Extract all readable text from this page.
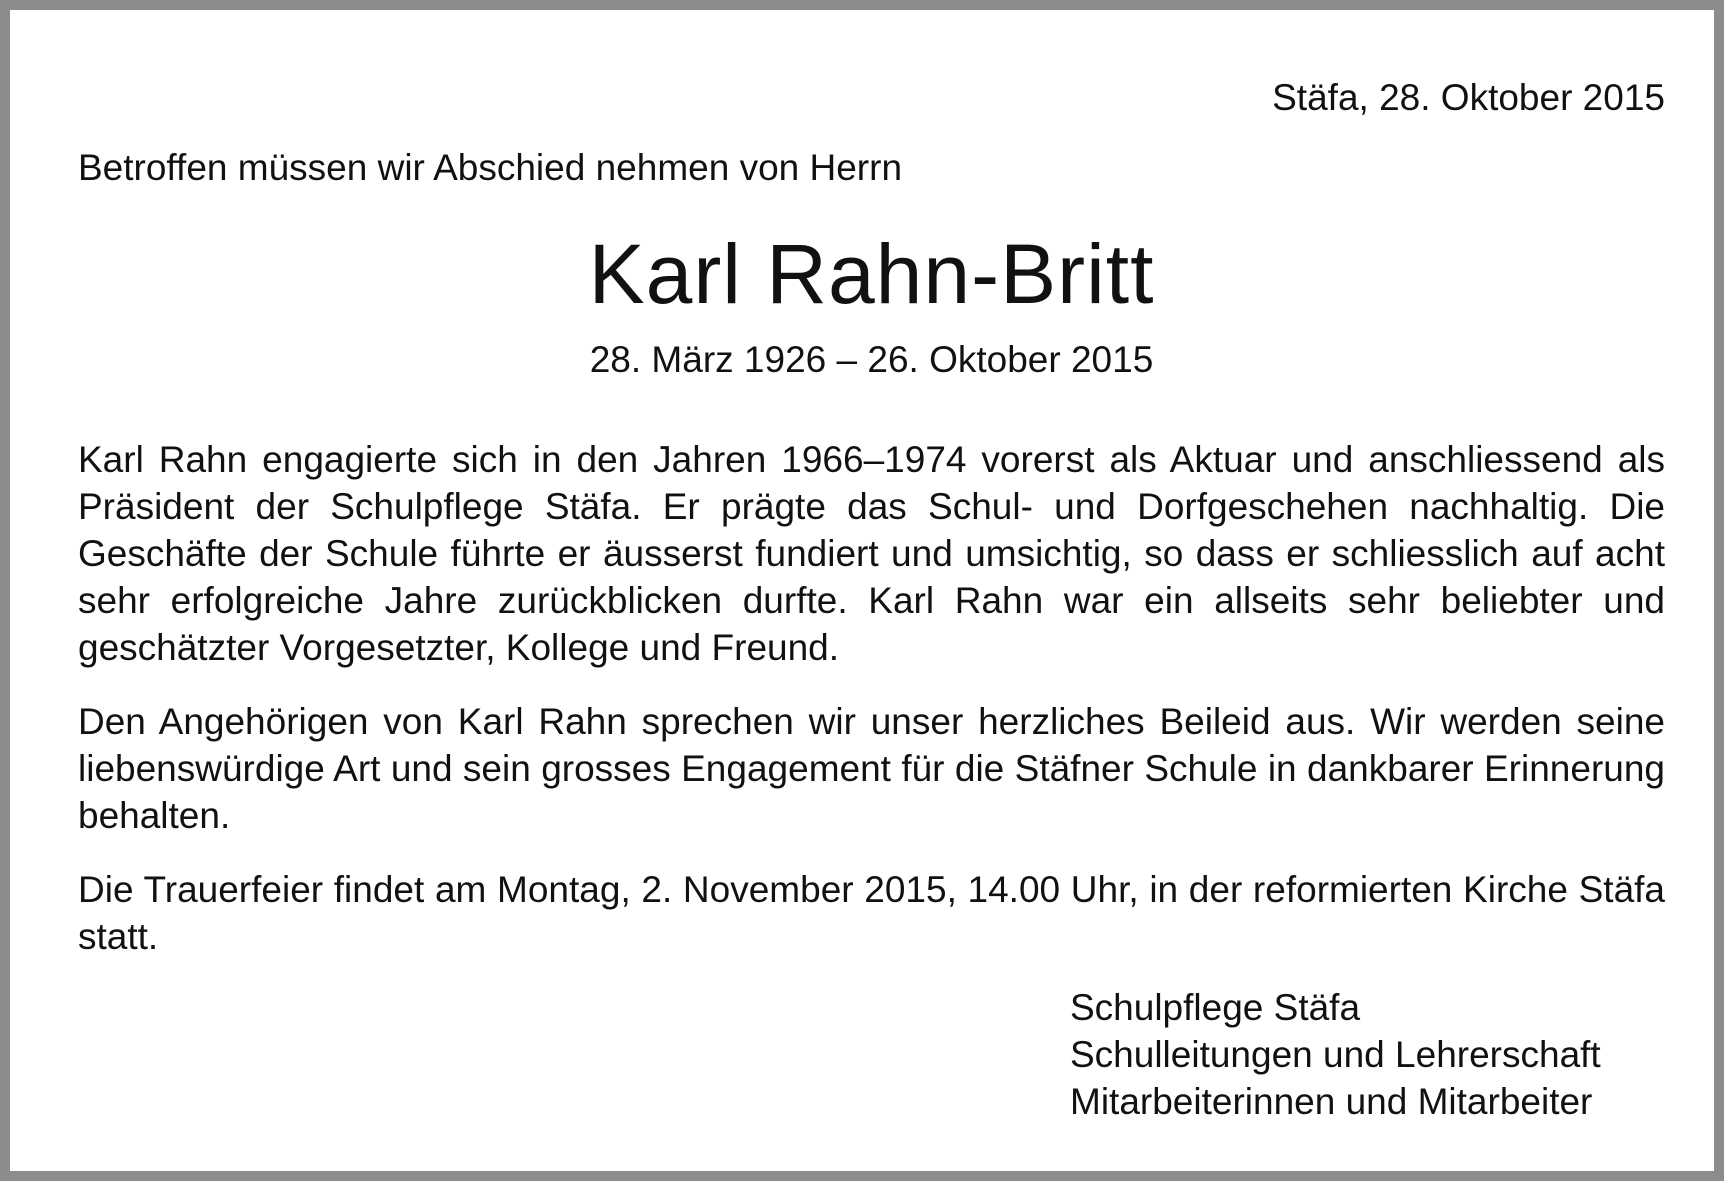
Stäfa, 28. Oktober 2015
Betroffen müssen wir Abschied nehmen von Herrn
Karl Rahn-Britt
28. März 1926 – 26. Oktober 2015

Karl Rahn engagierte sich in den Jahren 1966–1974 vorerst als Aktuar und anschliessend als Präsident der Schulpflege Stäfa. Er prägte das Schul- und Dorfgeschehen nachhaltig. Die Geschäfte der Schule führte er äusserst fundiert und umsichtig, so dass er schliesslich auf acht sehr erfolgreiche Jahre zurückblicken durfte. Karl Rahn war ein allseits sehr beliebter und geschätzter Vorgesetzter, Kollege und Freund.

Den Angehörigen von Karl Rahn sprechen wir unser herzliches Beileid aus. Wir werden seine liebenswürdige Art und sein grosses Engagement für die Stäfner Schule in dankbarer Erinnerung behalten.

Die Trauerfeier findet am Montag, 2. November 2015, 14.00 Uhr, in der reformierten Kirche Stäfa statt.

Schulpflege Stäfa
Schulleitungen und Lehrerschaft
Mitarbeiterinnen und Mitarbeiter
